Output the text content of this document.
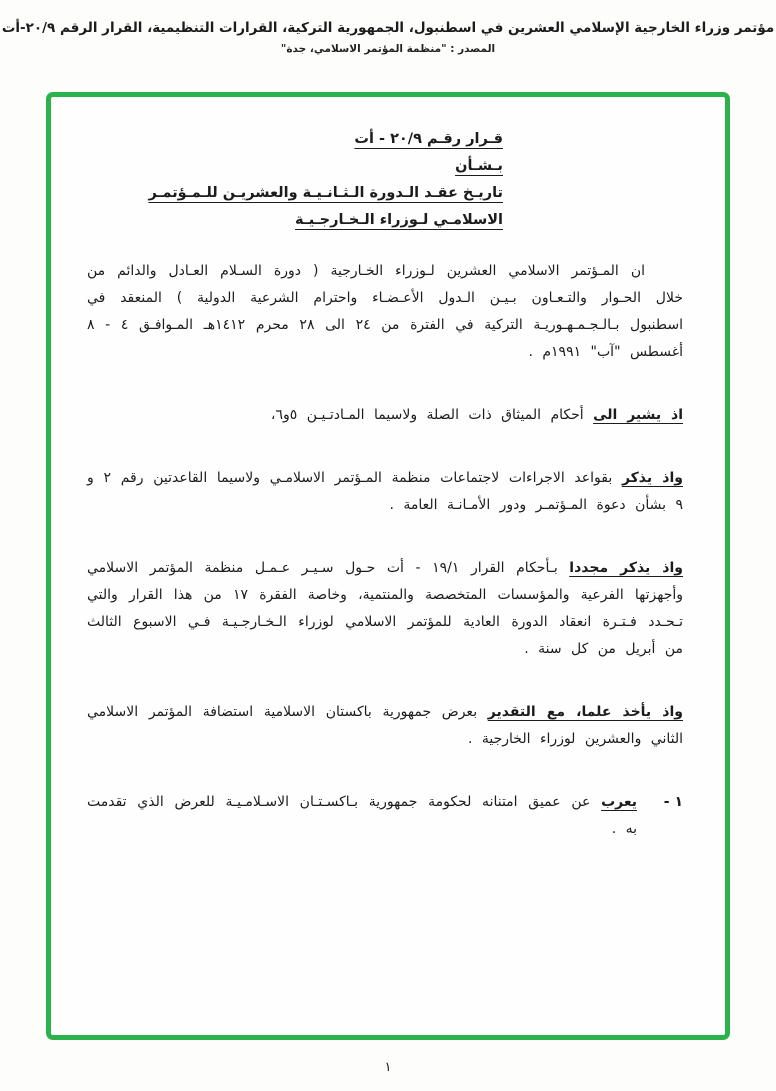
مؤتمر وزراء الخارجية الإسلامي العشرين في اسطنبول، الجمهورية التركية، القرارات التنظيمية، القرار الرقم ٢٠/٩-أت
المصدر : "منظمة المؤتمر الاسلامي، جدة"
قـرار رقـم ٢٠/٩ - أت
بـشـأن
تاريـخ عقـد الـدورة الـثـانـيـة والعشريـن للـمـؤتمـر
الاسلامـي لـوزراء الـخـارجـيـة

ان المـؤتمر الاسلامي العشرين لـوزراء الخـارجية ( دورة السـلام العـادل والدائم من خلال الحـوار والتـعـاون بـيـن الـدول الأعـضـاء واحترام الشرعية الدولية ) المنعقد في اسطنبول بـالـجـمـهـوريـة التركية في الفترة من ٢٤ الى ٢٨ محرم ١٤١٢هـ المـوافـق ٤ - ٨ أغسطس "آب" ١٩٩١م .

اذ يشير الى أحكام الميثاق ذات الصلة ولاسيما المـادتـيـن ٥و٦،

واذ يذكر بقواعد الاجراءات لاجتماعات منظمة المـؤتمر الاسلامـي ولاسيما القاعدتين رقم ٢ و ٩ بشأن دعوة المـؤتمـر ودور الأمـانـة العامة .

واذ يذكر مجددا بـأحكام القرار ١٩/١ - أت حـول سـيـر عـمـل منظمة المؤتمر الاسلامي وأجهزتها الفرعية والمؤسسات المتخصصة والمنتمية، وخاصة الفقرة ١٧ من هذا القرار والتي تـحـدد فـتـرة انعقاد الدورة العادية للمؤتمر الاسلامي لوزراء الـخـارجـيـة فـي الاسبوع الثالث من أبريل من كل سنة .

واذ يأخذ علما، مع التقدير بعرض جمهورية باكستان الاسلامية استضافة المؤتمر الاسلامي الثاني والعشرين لوزراء الخارجية .

١ -
يعرب عن عميق امتنانه لحكومة جمهورية بـاكسـتـان الاسـلامـيـة للعرض الذي تقدمت به .
١
